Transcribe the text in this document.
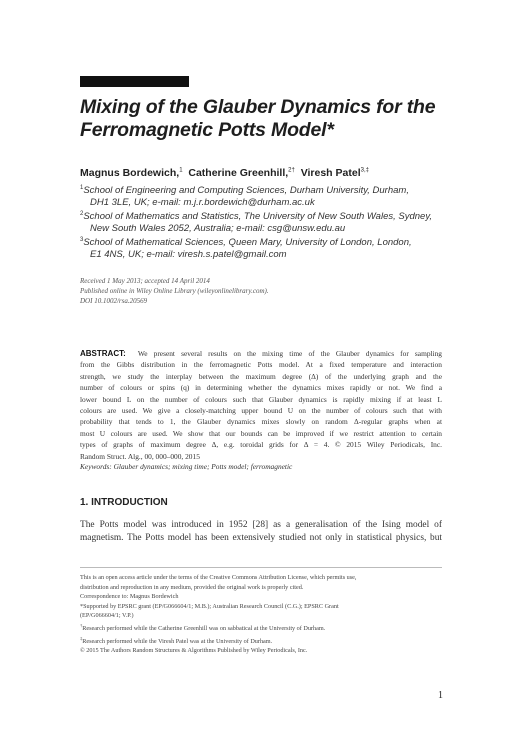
Mixing of the Glauber Dynamics for the
Ferromagnetic Potts Model*
Magnus Bordewich,$^1$ Catherine Greenhill,$^{2\dagger}$ Viresh Patel$^{3,\ddagger}$
$^1$School of Engineering and Computing Sciences, Durham University, Durham,
DH1 3LE, UK; e-mail: m.j.r.bordewich@durham.ac.uk
$^2$School of Mathematics and Statistics, The University of New South Wales, Sydney,
New South Wales 2052, Australia; e-mail: csg@unsw.edu.au
$^3$School of Mathematical Sciences, Queen Mary, University of London, London,
E1 4NS, UK; e-mail: viresh.s.patel@gmail.com
Received 1 May 2013; accepted 14 April 2014
Published online in Wiley Online Library (wileyonlinelibrary.com).
DOI 10.1002/rsa.20569
ABSTRACT: We present several results on the mixing time of the Glauber dynamics for sampling
from the Gibbs distribution in the ferromagnetic Potts model. At a fixed temperature and interaction
strength, we study the interplay between the maximum degree (Δ) of the underlying graph and the
number of colours or spins (q) in determining whether the dynamics mixes rapidly or not. We find a
lower bound L on the number of colours such that Glauber dynamics is rapidly mixing if at least L
colours are used. We give a closely-matching upper bound U on the number of colours such that with
probability that tends to 1, the Glauber dynamics mixes slowly on random Δ-regular graphs when at
most U colours are used. We show that our bounds can be improved if we restrict attention to certain
types of graphs of maximum degree Δ, e.g. toroidal grids for Δ = 4. © 2015 Wiley Periodicals, Inc.
Random Struct. Alg., 00, 000–000, 2015
Keywords: Glauber dynamics; mixing time; Potts model; ferromagnetic
1. INTRODUCTION
The Potts model was introduced in 1952 [28] as a generalisation of the Ising model of
magnetism. The Potts model has been extensively studied not only in statistical physics, but
This is an open access article under the terms of the Creative Commons Attribution License, which permits use,
distribution and reproduction in any medium, provided the original work is properly cited.
Correspondence to: Magnus Bordewich
*Supported by EPSRC grant (EP/G066604/1; M.B.); Australian Research Council (C.G.); EPSRC Grant
(EP/G066604/1; V.P.)
†Research performed while the Catherine Greenhill was on sabbatical at the University of Durham.
‡Research performed while the Viresh Patel was at the University of Durham.
© 2015 The Authors Random Structures & Algorithms Published by Wiley Periodicals, Inc.
1
